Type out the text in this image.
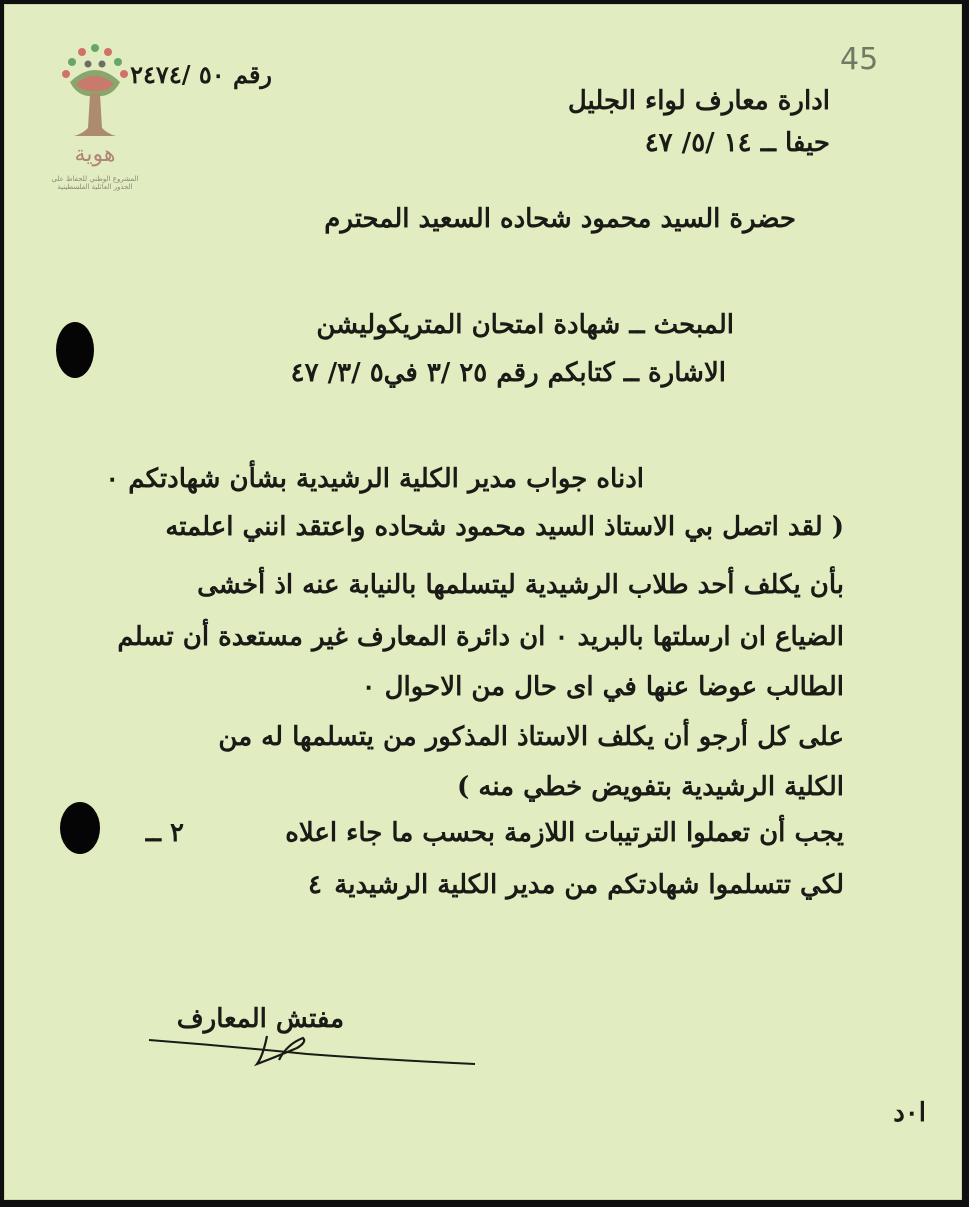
هوية
المشروع الوطني للحفاظ على الجذور العائلية الفلسطينية
45
رقم ٥٠ /٢٤٧٤
ادارة معارف لواء الجليل
حيفا ــ ١٤ /٥/ ٤٧
حضرة السيد محمود شحاده السعيد المحترم
المبحث ــ شهادة امتحان المتريكوليشن
الاشارة ــ كتابكم رقم ٢٥ /٣ في٥ /٣/ ٤٧
ادناه جواب مدير الكلية الرشيدية بشأن شهادتكم ٠
( لقد اتصل بي الاستاذ السيد محمود شحاده واعتقد انني اعلمته
بأن يكلف أحد طلاب الرشيدية ليتسلمها بالنيابة عنه اذ أخشى
الضياع ان ارسلتها بالبريد ٠ ان دائرة المعارف غير مستعدة أن تسلم
الطالب عوضا عنها في اى حال من الاحوال ٠
على كل أرجو أن يكلف الاستاذ المذكور من يتسلمها له من
الكلية الرشيدية بتفويض خطي منه )
٢ ــ	يجب أن تعملوا الترتيبات اللازمة بحسب ما جاء اعلاه
لكي تتسلموا شهادتكم من مدير الكلية الرشيدية
٤
مفتش المعارف
ا٠د
